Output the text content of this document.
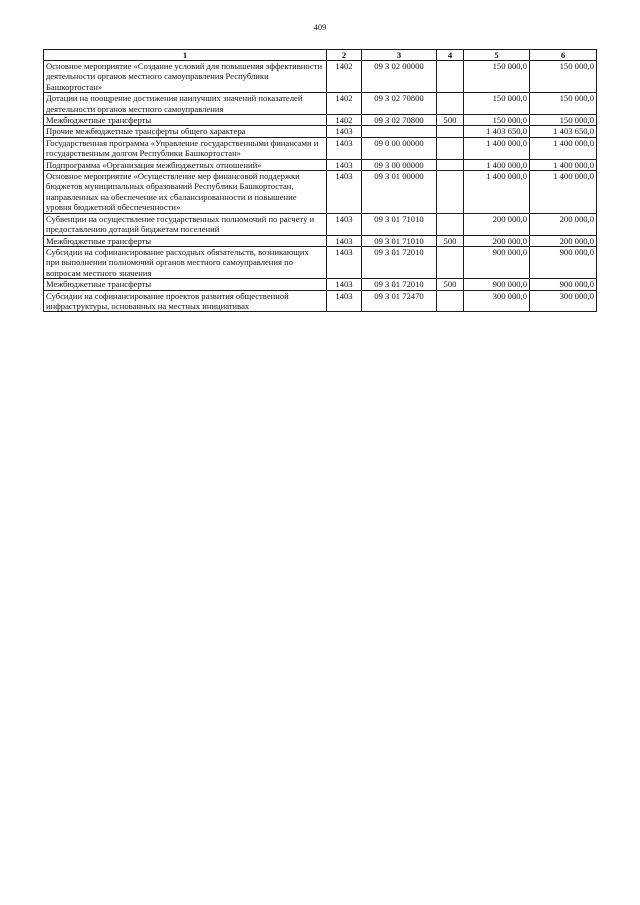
409
1	2	3	4	5	6
Основное мероприятие «Создание условий для повышения эффективности деятельности органов местного самоуправления Республики Башкортостан»	1402	09 3 02 00000		150 000,0	150 000,0
Дотации на поощрение достижения наилучших значений показателей деятельности органов местного самоуправления	1402	09 3 02 70800		150 000,0	150 000,0
Межбюджетные трансферты	1402	09 3 02 70800	500	150 000,0	150 000,0
Прочие межбюджетные трансферты общего характера	1403			1 403 650,0	1 403 650,0
Государственная программа «Управление государственными финансами и государственным долгом Республики Башкортостан»	1403	09 0 00 00000		1 400 000,0	1 400 000,0
Подпрограмма «Организация межбюджетных отношений»	1403	09 3 00 00000		1 400 000,0	1 400 000,0
Основное мероприятие «Осуществление мер финансовой поддержки бюджетов муниципальных образований Республики Башкортостан, направленных на обеспечение их сбалансированности и повышение уровня бюджетной обеспеченности»	1403	09 3 01 00000		1 400 000,0	1 400 000,0
Субвенции на осуществление государственных полномочий по расчету и предоставлению дотаций бюджетам поселений	1403	09 3 01 71010		200 000,0	200 000,0
Межбюджетные трансферты	1403	09 3 01 71010	500	200 000,0	200 000,0
Субсидии на софинансирование расходных обязательств, возникающих при выполнении полномочий органов местного самоуправления по вопросам местного значения	1403	09 3 01 72010		900 000,0	900 000,0
Межбюджетные трансферты	1403	09 3 01 72010	500	900 000,0	900 000,0
Субсидии на софинансирование проектов развития общественной инфраструктуры, основанных на местных инициативах	1403	09 3 01 72470		300 000,0	300 000,0
